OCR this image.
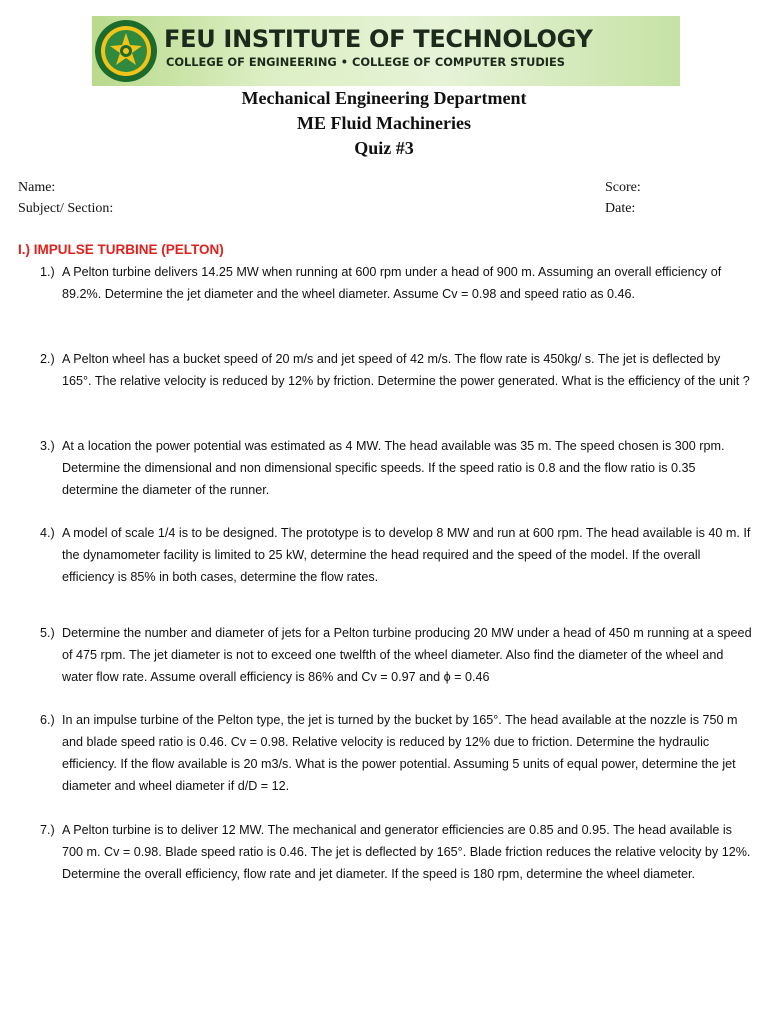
FEU INSTITUTE OF TECHNOLOGY
COLLEGE OF ENGINEERING • COLLEGE OF COMPUTER STUDIES
Mechanical Engineering Department
ME Fluid Machineries
Quiz #3
Name:
Subject/ Section:
Score:
Date:
I.) IMPULSE TURBINE (PELTON)
1.) A Pelton turbine delivers 14.25 MW when running at 600 rpm under a head of 900 m. Assuming an overall efficiency of 89.2%. Determine the jet diameter and the wheel diameter. Assume Cv = 0.98 and speed ratio as 0.46.
2.) A Pelton wheel has a bucket speed of 20 m/s and jet speed of 42 m/s. The flow rate is 450kg/ s. The jet is deflected by 165°. The relative velocity is reduced by 12% by friction. Determine the power generated. What is the efficiency of the unit ?
3.) At a location the power potential was estimated as 4 MW. The head available was 35 m. The speed chosen is 300 rpm. Determine the dimensional and non dimensional specific speeds. If the speed ratio is 0.8 and the flow ratio is 0.35 determine the diameter of the runner.
4.) A model of scale 1/4 is to be designed. The prototype is to develop 8 MW and run at 600 rpm. The head available is 40 m. If the dynamometer facility is limited to 25 kW, determine the head required and the speed of the model. If the overall efficiency is 85% in both cases, determine the flow rates.
5.) Determine the number and diameter of jets for a Pelton turbine producing 20 MW under a head of 450 m running at a speed of 475 rpm. The jet diameter is not to exceed one twelfth of the wheel diameter. Also find the diameter of the wheel and water flow rate. Assume overall efficiency is 86% and Cv = 0.97 and ϕ = 0.46
6.) In an impulse turbine of the Pelton type, the jet is turned by the bucket by 165°. The head available at the nozzle is 750 m and blade speed ratio is 0.46. Cv = 0.98. Relative velocity is reduced by 12% due to friction. Determine the hydraulic efficiency. If the flow available is 20 m3/s. What is the power potential. Assuming 5 units of equal power, determine the jet diameter and wheel diameter if d/D = 12.
7.) A Pelton turbine is to deliver 12 MW. The mechanical and generator efficiencies are 0.85 and 0.95. The head available is 700 m. Cv = 0.98. Blade speed ratio is 0.46. The jet is deflected by 165°. Blade friction reduces the relative velocity by 12%. Determine the overall efficiency, flow rate and jet diameter. If the speed is 180 rpm, determine the wheel diameter.
